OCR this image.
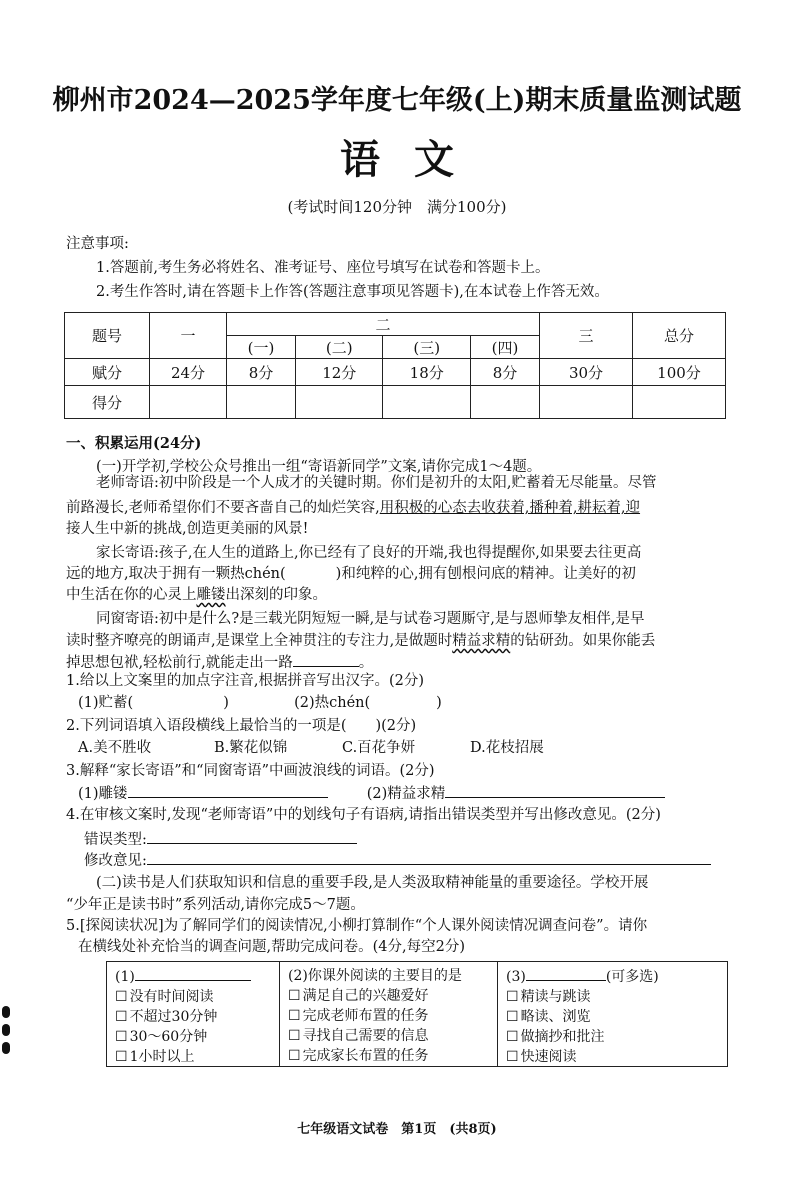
柳州市2024—2025学年度七年级(上)期末质量监测试题
语文
(考试时间120分钟　满分100分)
注意事项:
1.答题前,考生务必将姓名、准考证号、座位号填写在试卷和答题卡上。
2.考生作答时,请在答题卡上作答(答题注意事项见答题卡),在本试卷上作答无效。
题号	一	二				三	总分
		(一)	(二)	(三)	(四)		
赋分	24分	8分	12分	18分	8分	30分	100分
得分							
一、积累运用(24分)
(一)开学初,学校公众号推出一组“寄语新同学”文案,请你完成1～4题。
老师寄语:初中阶段是一个人成才的关键时期。你们是初升的太阳,贮蓄着无尽能量。尽管
前路漫长,老师希望你们不要吝啬自己的灿烂笑容,用积极的心态去收获着,播种着,耕耘着,迎
接人生中新的挑战,创造更美丽的风景!
家长寄语:孩子,在人生的道路上,你已经有了良好的开端,我也得提醒你,如果要去往更高
远的地方,取决于拥有一颗热chén(	)和纯粹的心,拥有刨根问底的精神。让美好的初
中生活在你的心灵上雕镂出深刻的印象。
同窗寄语:初中是什么?是三载光阴短短一瞬,是与试卷习题厮守,是与恩师挚友相伴,是早
读时整齐嘹亮的朗诵声,是课堂上全神贯注的专注力,是做题时精益求精的钻研劲。如果你能丢
掉思想包袱,轻松前行,就能走出一路	。
1.给以上文案里的加点字注音,根据拼音写出汉字。(2分)
(1)贮蓄(	)	(2)热chén(	)
2.下列词语填入语段横线上最恰当的一项是(　　)(2分)
A.美不胜收	B.繁花似锦	C.百花争妍	D.花枝招展
3.解释“家长寄语”和“同窗寄语”中画波浪线的词语。(2分)
(1)雕镂	(2)精益求精
4.在审核文案时,发现“老师寄语”中的划线句子有语病,请指出错误类型并写出修改意见。(2分)
错误类型:
修改意见:
(二)读书是人们获取知识和信息的重要手段,是人类汲取精神能量的重要途径。学校开展
“少年正是读书时”系列活动,请你完成5～7题。
5.[探阅读状况]为了解同学们的阅读情况,小柳打算制作“个人课外阅读情况调查问卷”。请你
在横线处补充恰当的调查问题,帮助完成问卷。(4分,每空2分)
(1)
☐ 没有时间阅读
☐ 不超过30分钟
☐ 30～60分钟
☐ 1小时以上
(2)你课外阅读的主要目的是
☐ 满足自己的兴趣爱好
☐ 完成老师布置的任务
☐ 寻找自己需要的信息
☐ 完成家长布置的任务
(3)	(可多选)
☐ 精读与跳读
☐ 略读、浏览
☐ 做摘抄和批注
☐ 快速阅读
七年级语文试卷　第1页　(共8页)
